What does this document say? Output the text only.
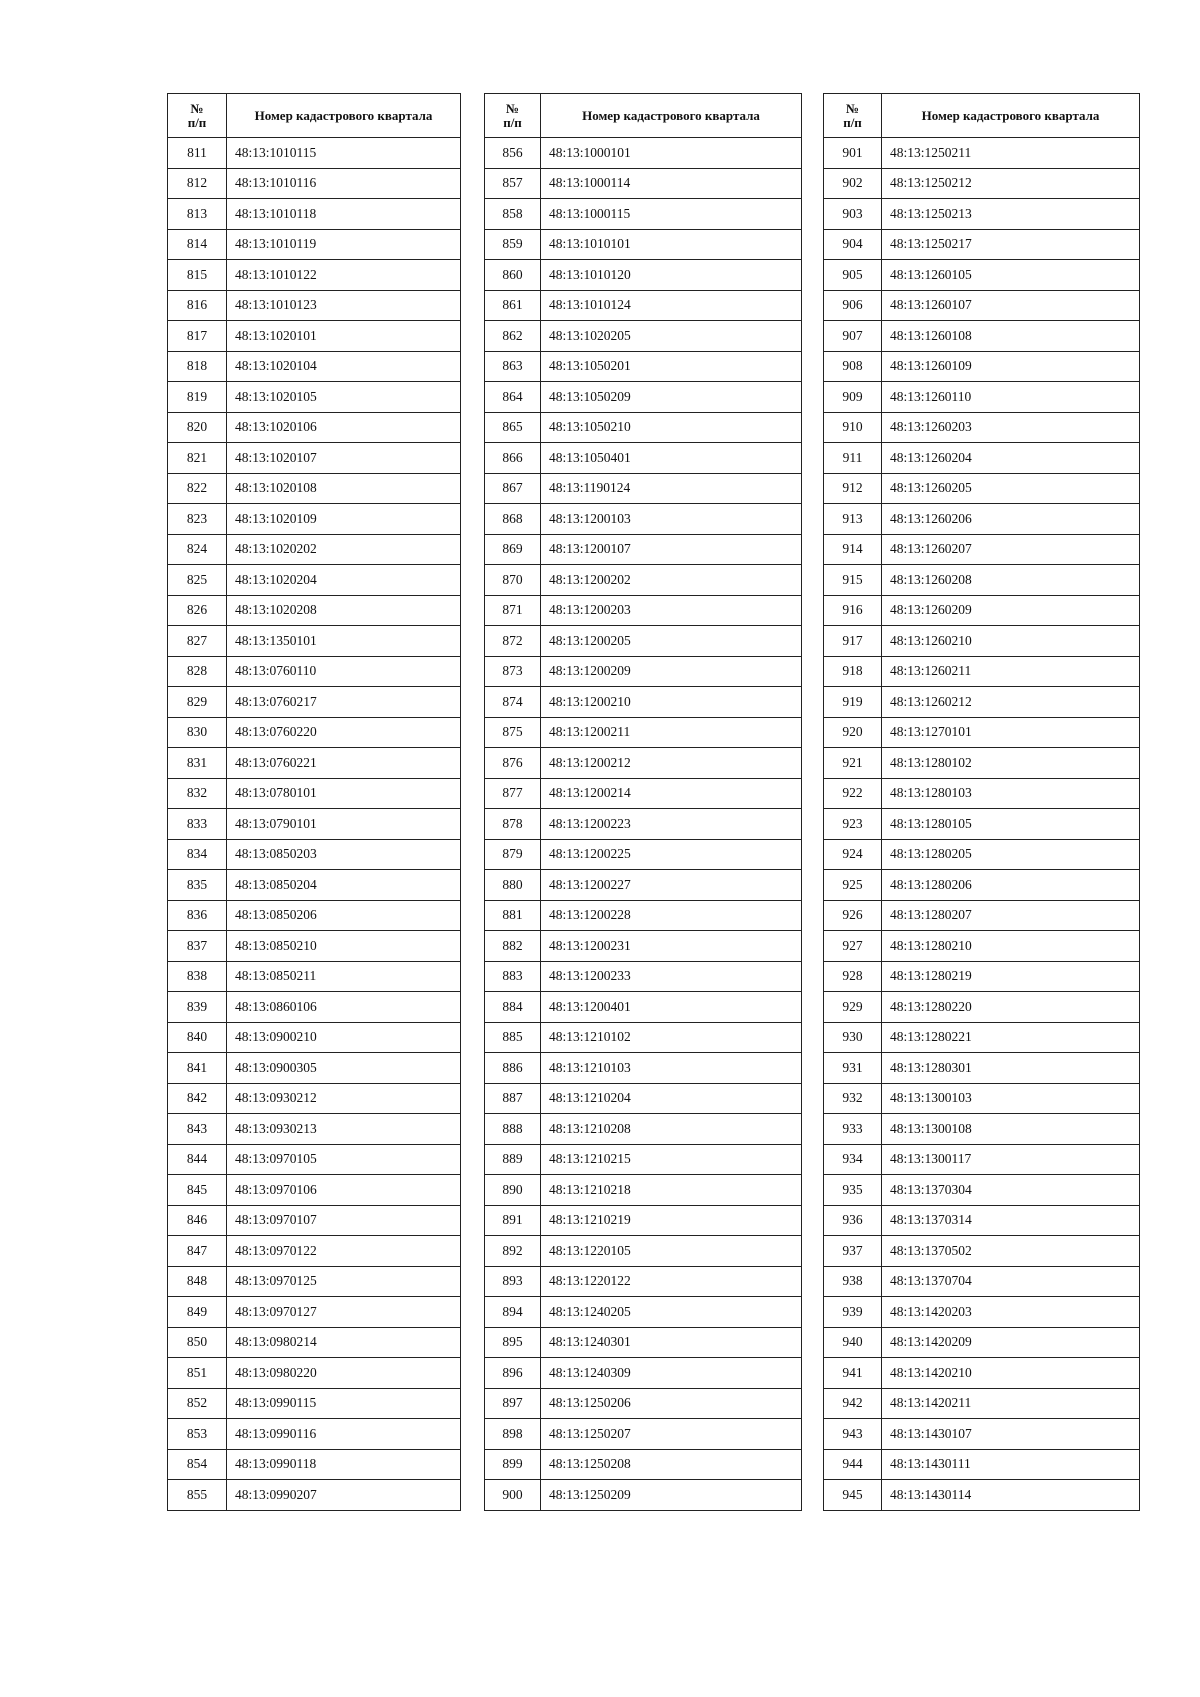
№
п/п	Номер кадастрового квартала
811	48:13:1010115
812	48:13:1010116
813	48:13:1010118
814	48:13:1010119
815	48:13:1010122
816	48:13:1010123
817	48:13:1020101
818	48:13:1020104
819	48:13:1020105
820	48:13:1020106
821	48:13:1020107
822	48:13:1020108
823	48:13:1020109
824	48:13:1020202
825	48:13:1020204
826	48:13:1020208
827	48:13:1350101
828	48:13:0760110
829	48:13:0760217
830	48:13:0760220
831	48:13:0760221
832	48:13:0780101
833	48:13:0790101
834	48:13:0850203
835	48:13:0850204
836	48:13:0850206
837	48:13:0850210
838	48:13:0850211
839	48:13:0860106
840	48:13:0900210
841	48:13:0900305
842	48:13:0930212
843	48:13:0930213
844	48:13:0970105
845	48:13:0970106
846	48:13:0970107
847	48:13:0970122
848	48:13:0970125
849	48:13:0970127
850	48:13:0980214
851	48:13:0980220
852	48:13:0990115
853	48:13:0990116
854	48:13:0990118
855	48:13:0990207
№
п/п	Номер кадастрового квартала
856	48:13:1000101
857	48:13:1000114
858	48:13:1000115
859	48:13:1010101
860	48:13:1010120
861	48:13:1010124
862	48:13:1020205
863	48:13:1050201
864	48:13:1050209
865	48:13:1050210
866	48:13:1050401
867	48:13:1190124
868	48:13:1200103
869	48:13:1200107
870	48:13:1200202
871	48:13:1200203
872	48:13:1200205
873	48:13:1200209
874	48:13:1200210
875	48:13:1200211
876	48:13:1200212
877	48:13:1200214
878	48:13:1200223
879	48:13:1200225
880	48:13:1200227
881	48:13:1200228
882	48:13:1200231
883	48:13:1200233
884	48:13:1200401
885	48:13:1210102
886	48:13:1210103
887	48:13:1210204
888	48:13:1210208
889	48:13:1210215
890	48:13:1210218
891	48:13:1210219
892	48:13:1220105
893	48:13:1220122
894	48:13:1240205
895	48:13:1240301
896	48:13:1240309
897	48:13:1250206
898	48:13:1250207
899	48:13:1250208
900	48:13:1250209
№
п/п	Номер кадастрового квартала
901	48:13:1250211
902	48:13:1250212
903	48:13:1250213
904	48:13:1250217
905	48:13:1260105
906	48:13:1260107
907	48:13:1260108
908	48:13:1260109
909	48:13:1260110
910	48:13:1260203
911	48:13:1260204
912	48:13:1260205
913	48:13:1260206
914	48:13:1260207
915	48:13:1260208
916	48:13:1260209
917	48:13:1260210
918	48:13:1260211
919	48:13:1260212
920	48:13:1270101
921	48:13:1280102
922	48:13:1280103
923	48:13:1280105
924	48:13:1280205
925	48:13:1280206
926	48:13:1280207
927	48:13:1280210
928	48:13:1280219
929	48:13:1280220
930	48:13:1280221
931	48:13:1280301
932	48:13:1300103
933	48:13:1300108
934	48:13:1300117
935	48:13:1370304
936	48:13:1370314
937	48:13:1370502
938	48:13:1370704
939	48:13:1420203
940	48:13:1420209
941	48:13:1420210
942	48:13:1420211
943	48:13:1430107
944	48:13:1430111
945	48:13:1430114
